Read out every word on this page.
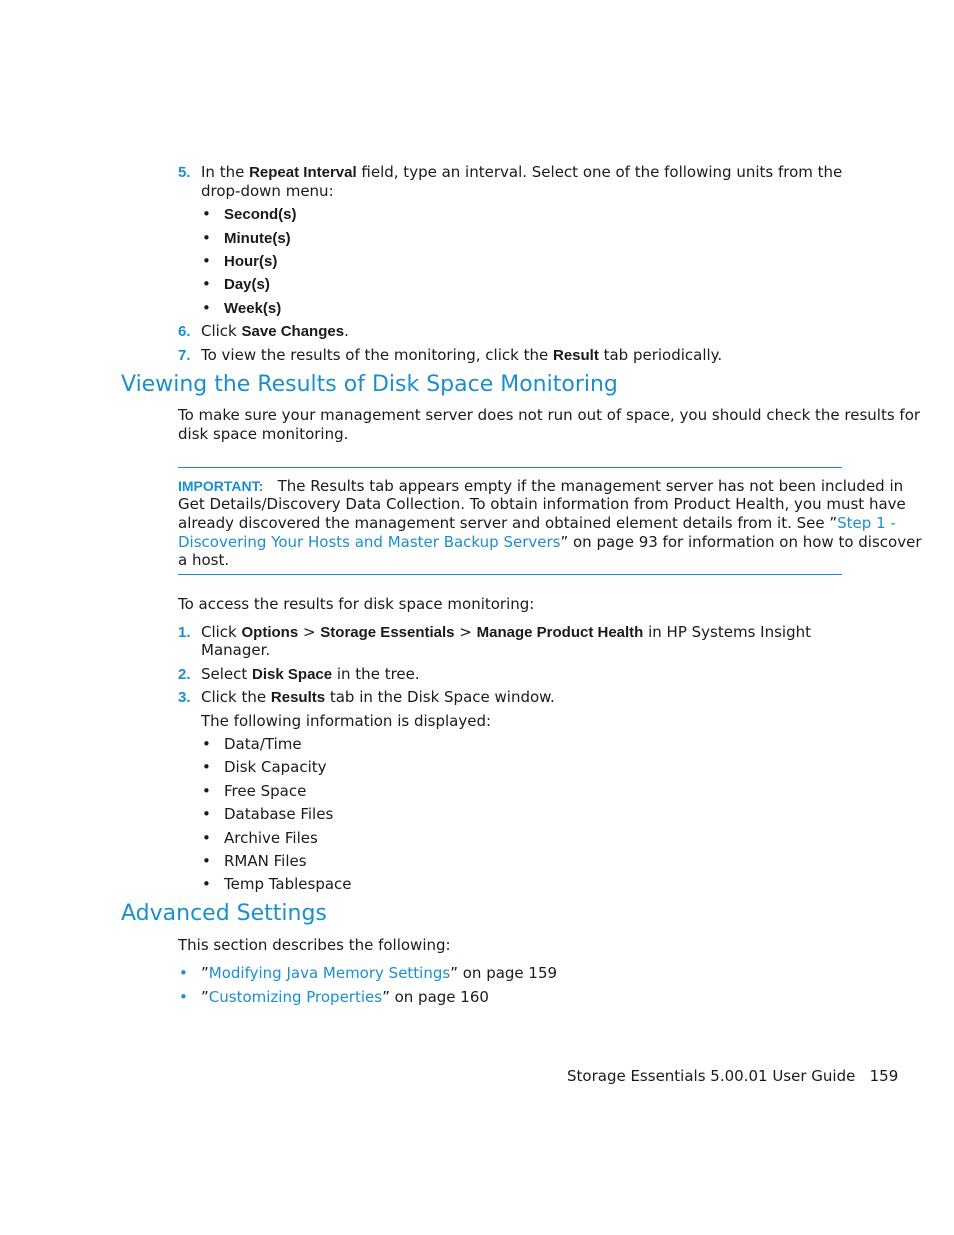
5. In the Repeat Interval field, type an interval. Select one of the following units from the
drop-down menu:
• Second(s)
• Minute(s)
• Hour(s)
• Day(s)
• Week(s)
6. Click Save Changes.
7. To view the results of the monitoring, click the Result tab periodically.
Viewing the Results of Disk Space Monitoring
To make sure your management server does not run out of space, you should check the results for
disk space monitoring.
IMPORTANT: The Results tab appears empty if the management server has not been included in
Get Details/Discovery Data Collection. To obtain information from Product Health, you must have
already discovered the management server and obtained element details from it. See ”Step 1 -
Discovering Your Hosts and Master Backup Servers” on page 93 for information on how to discover
a host.
To access the results for disk space monitoring:
1. Click Options > Storage Essentials > Manage Product Health in HP Systems Insight
Manager.
2. Select Disk Space in the tree.
3. Click the Results tab in the Disk Space window.
The following information is displayed:
• Data/Time
• Disk Capacity
• Free Space
• Database Files
• Archive Files
• RMAN Files
• Temp Tablespace
Advanced Settings
This section describes the following:
• ”Modifying Java Memory Settings” on page 159
• ”Customizing Properties” on page 160
Storage Essentials 5.00.01 User Guide 159
